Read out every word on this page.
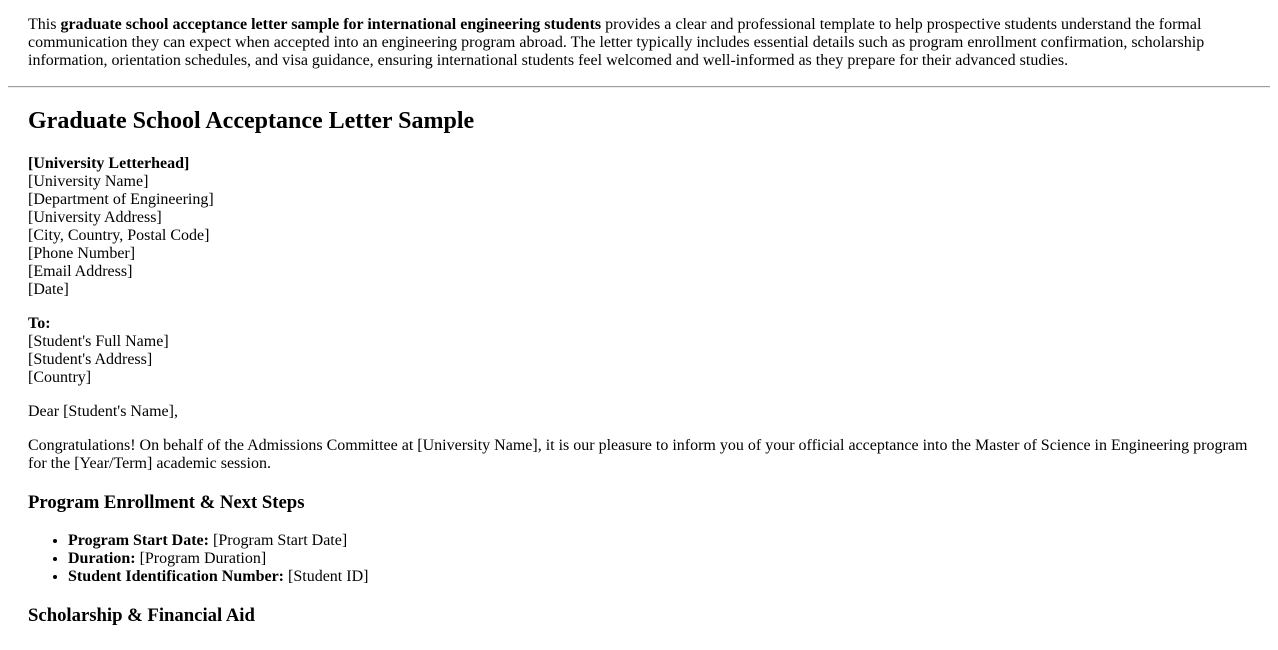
This graduate school acceptance letter sample for international engineering students provides a clear and professional template to help prospective students understand the formal communication they can expect when accepted into an engineering program abroad. The letter typically includes essential details such as program enrollment confirmation, scholarship information, orientation schedules, and visa guidance, ensuring international students feel welcomed and well-informed as they prepare for their advanced studies.

Graduate School Acceptance Letter Sample

[University Letterhead]
[University Name]
[Department of Engineering]
[University Address]
[City, Country, Postal Code]
[Phone Number]
[Email Address]
[Date]

To:
[Student's Full Name]
[Student's Address]
[Country]

Dear [Student's Name],

Congratulations! On behalf of the Admissions Committee at [University Name], it is our pleasure to inform you of your official acceptance into the Master of Science in Engineering program for the [Year/Term] academic session.

Program Enrollment & Next Steps
• Program Start Date: [Program Start Date]
• Duration: [Program Duration]
• Student Identification Number: [Student ID]
Scholarship & Financial Aid
